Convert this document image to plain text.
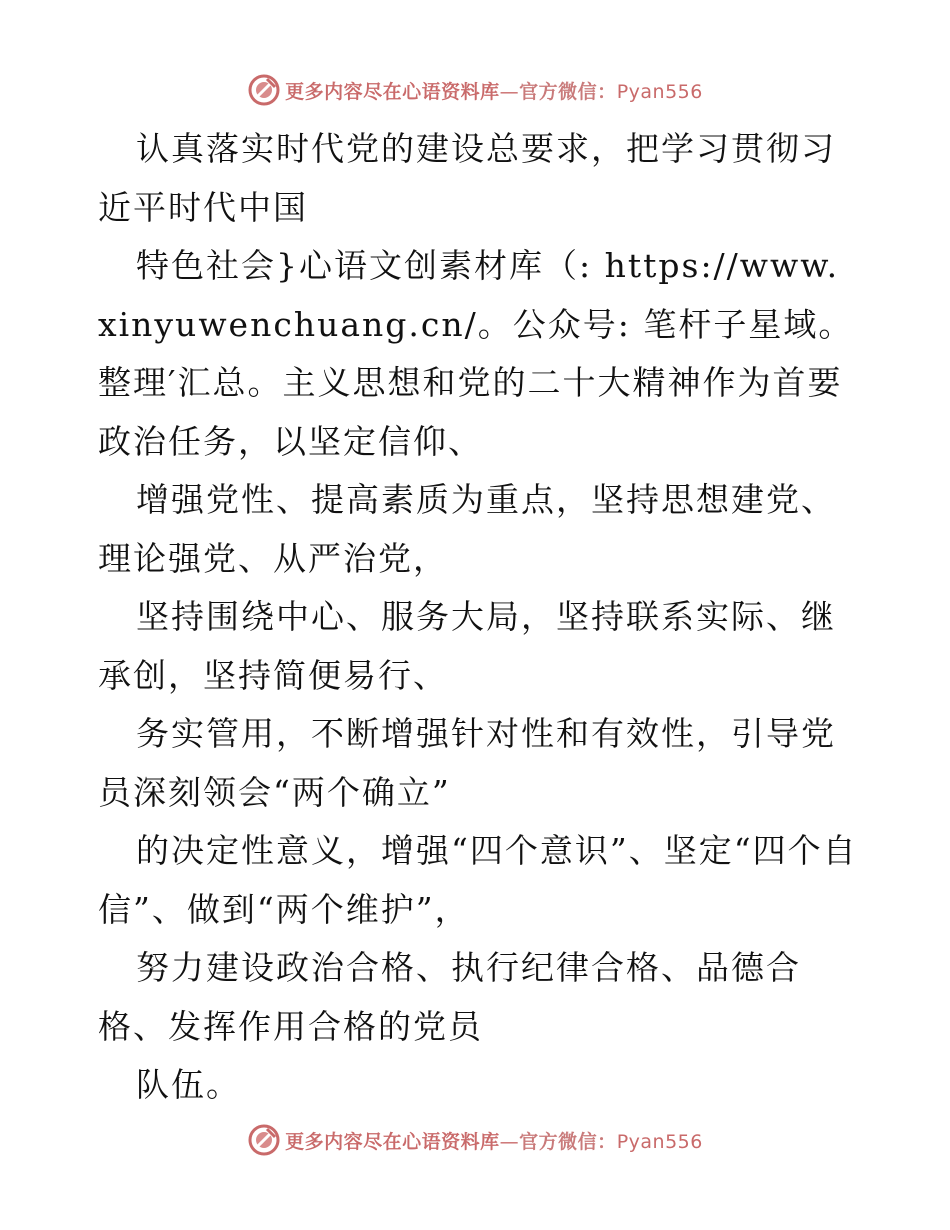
更多内容尽在心语资料库—官方微信：Pyan556

认真落实时代党的建设总要求，把学习贯彻习近平时代中国

特色社会}心语文创素材库（: https://www.xinyuwenchuang.cn/。公众号: 笔杆子星域。整理′汇总。主义思想和党的二十大精神作为首要政治任务，以坚定信仰、

增强党性、提高素质为重点，坚持思想建党、理论强党、从严治党，

坚持围绕中心、服务大局，坚持联系实际、继承创，坚持简便易行、

务实管用，不断增强针对性和有效性，引导党员深刻领会“两个确立”

的决定性意义，增强“四个意识”、坚定“四个自信”、做到“两个维护”，

努力建设政治合格、执行纪律合格、品德合格、发挥作用合格的党员

队伍。

更多内容尽在心语资料库—官方微信：Pyan556
